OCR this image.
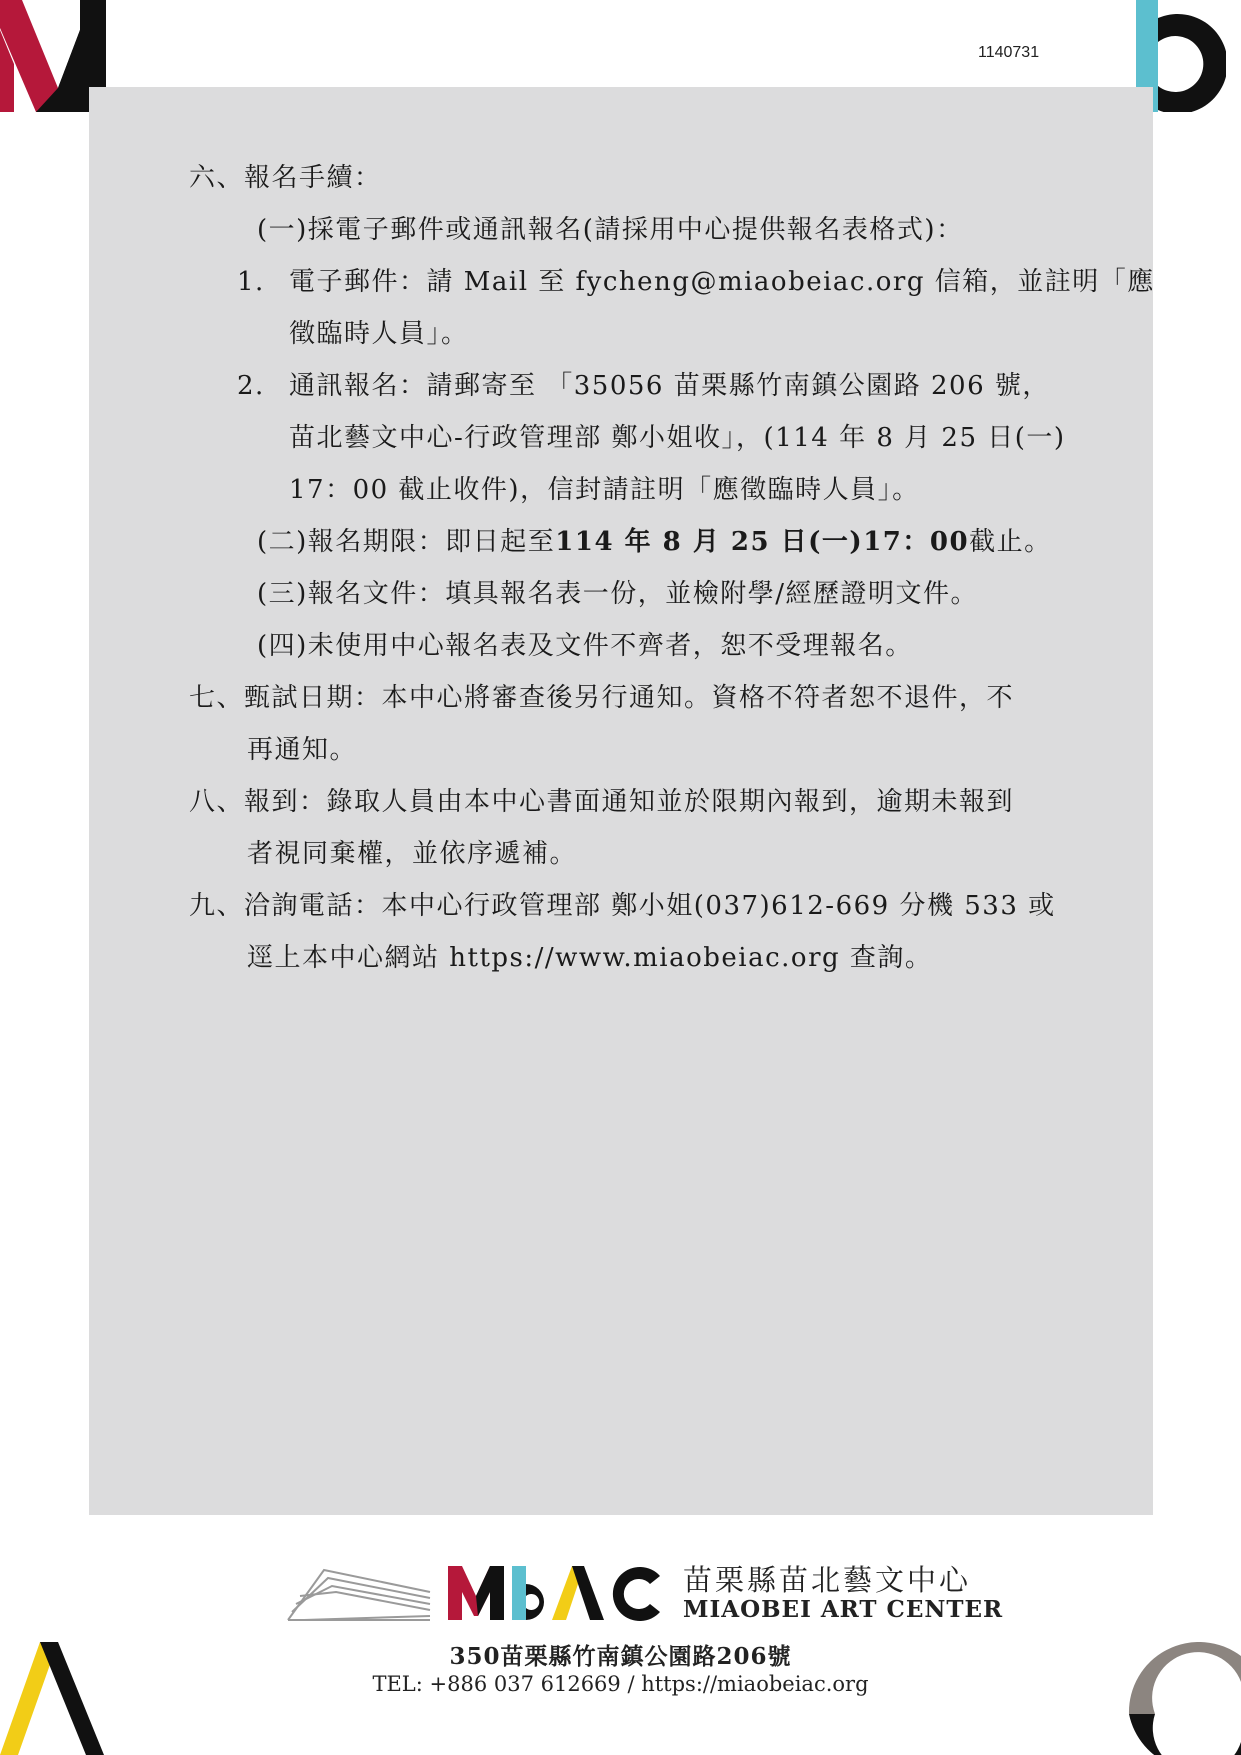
1140731
六、報名手續：
(一)採電子郵件或通訊報名(請採用中心提供報名表格式)：
1. 電子郵件：請 Mail 至 fycheng@miaobeiac.org 信箱，並註明「應
徵臨時人員」。
2. 通訊報名：請郵寄至 「35056 苗栗縣竹南鎮公園路 206 號，
苗北藝文中心-行政管理部 鄭小姐收」，(114 年 8 月 25 日(一)
17：00 截止收件)，信封請註明「應徵臨時人員」。
(二)報名期限：即日起至114 年 8 月 25 日(一)17：00截止。
(三)報名文件：填具報名表一份，並檢附學/經歷證明文件。
(四)未使用中心報名表及文件不齊者，恕不受理報名。
七、甄試日期：本中心將審查後另行通知。資格不符者恕不退件，不
再通知。
八、報到：錄取人員由本中心書面通知並於限期內報到，逾期未報到
者視同棄權，並依序遞補。
九、洽詢電話：本中心行政管理部 鄭小姐(037)612-669 分機 533 或
逕上本中心網站 https://www.miaobeiac.org 查詢。
苗栗縣苗北藝文中心
MIAOBEI ART CENTER
350苗栗縣竹南鎮公園路206號
TEL: +886 037 612669 / https://miaobeiac.org
